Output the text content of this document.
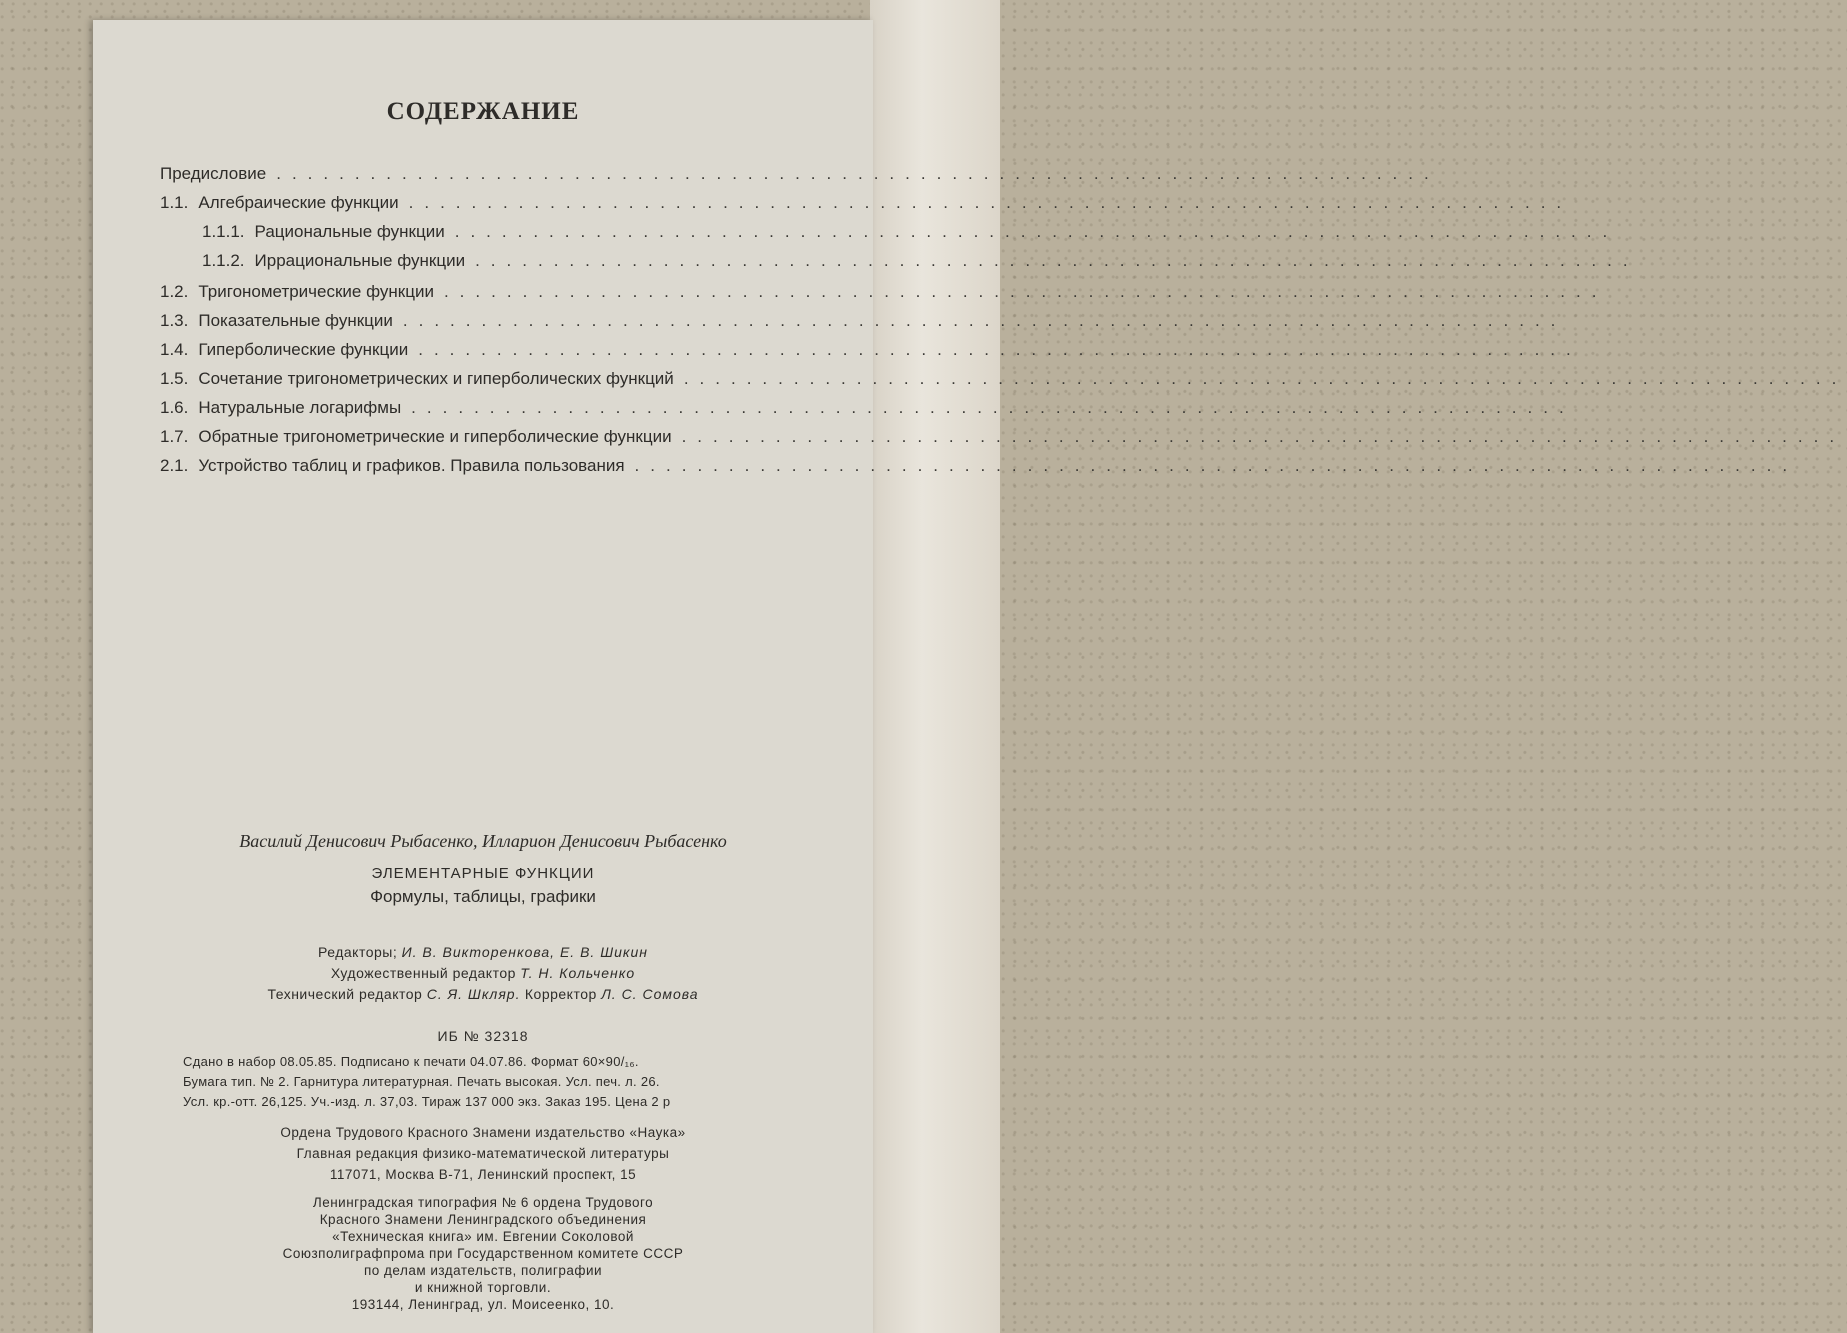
СОДЕРЖАНИЕ
Предисловие ..........................................................................
1.1. Алгебраические функции ..........................................................................
1.1.1. Рациональные функции ..........................................................................
1.1.2. Иррациональные функции ..........................................................................
1.2. Тригонометрические функции ..........................................................................
1.3. Показательные функции ..........................................................................
1.4. Гиперболические функции ..........................................................................
1.5. Сочетание тригонометрических и гиперболических функций ..........................................................................
1.6. Натуральные логарифмы ..........................................................................
1.7. Обратные тригонометрические и гиперболические функции ..........................................................................
2.1. Устройство таблиц и графиков. Правила пользования ..........................................................................
Василий Денисович Рыбасенко, Илларион Денисович Рыбасенко
ЭЛЕМЕНТАРНЫЕ ФУНКЦИИ
Формулы, таблицы, графики
Редакторы; И. В. Викторенкова, Е. В. Шикин
Художественный редактор Т. Н. Кольченко
Технический редактор С. Я. Шкляр. Корректор Л. С. Сомова
ИБ № 32318
Сдано в набор 08.05.85. Подписано к печати 04.07.86. Формат 60×90/₁₆.
Бумага тип. № 2. Гарнитура литературная. Печать высокая. Усл. печ. л. 26.
Усл. кр.-отт. 26,125. Уч.-изд. л. 37,03. Тираж 137 000 экз. Заказ 195. Цена 2 р
Ордена Трудового Красного Знамени издательство «Наука»
Главная редакция физико-математической литературы
117071, Москва В-71, Ленинский проспект, 15
Ленинградская типография № 6 ордена Трудового
Красного Знамени Ленинградского объединения
«Техническая книга» им. Евгении Соколовой
Союзполиграфпрома при Государственном комитете СССР
по делам издательств, полиграфии
и книжной торговли.
193144, Ленинград, ул. Моисеенко, 10.
